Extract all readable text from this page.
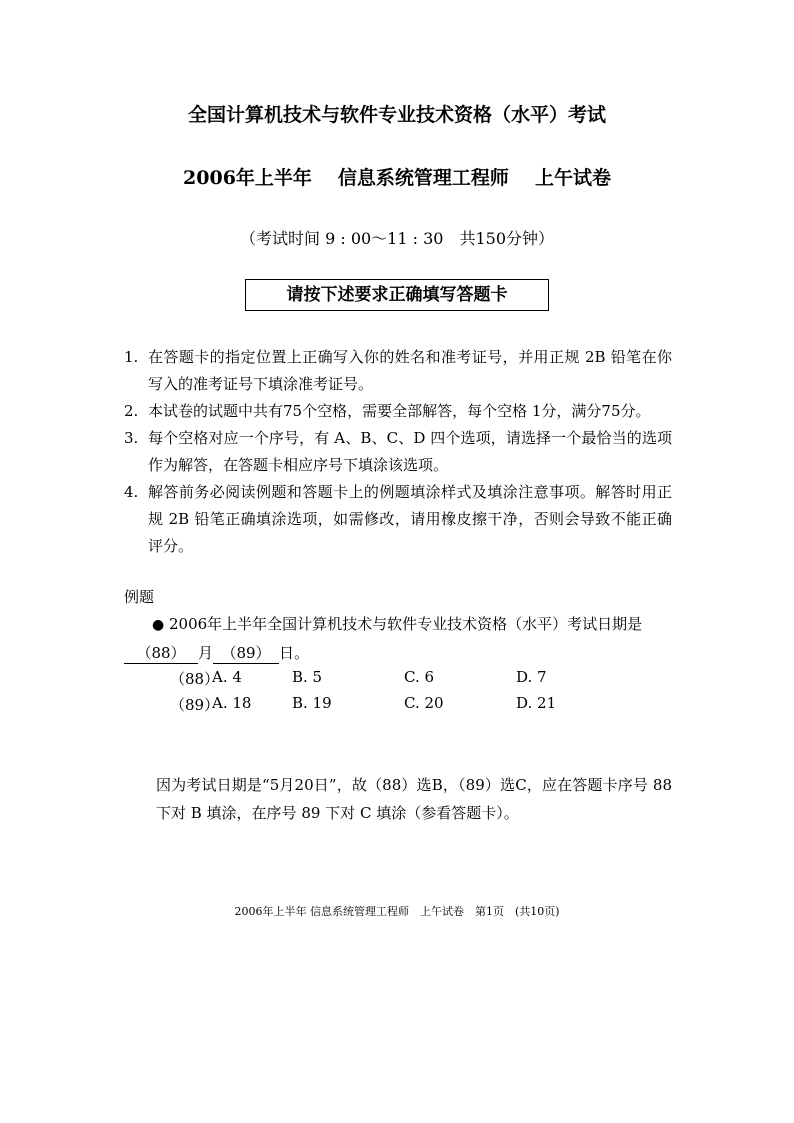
全国计算机技术与软件专业技术资格（水平）考试
2006年上半年 信息系统管理工程师 上午试卷
（考试时间 9 : 00～11 : 30　共150分钟）
请按下述要求正确填写答题卡
1. 在答题卡的指定位置上正确写入你的姓名和准考证号，并用正规 2B 铅笔在你写入的准考证号下填涂准考证号。
2. 本试卷的试题中共有75个空格，需要全部解答，每个空格 1分，满分75分。
3. 每个空格对应一个序号，有 A、B、C、D 四个选项，请选择一个最恰当的选项作为解答，在答题卡相应序号下填涂该选项。
4. 解答前务必阅读例题和答题卡上的例题填涂样式及填涂注意事项。解答时用正规 2B 铅笔正确填涂选项，如需修改，请用橡皮擦干净，否则会导致不能正确评分。
例题
● 2006年上半年全国计算机技术与软件专业技术资格（水平）考试日期是
（88） 月 （89） 日。
（88）
A. 4	B. 5	C. 6	D. 7
（89）
A. 18	B. 19	C. 20	D. 21
因为考试日期是“5月20日”，故（88）选B，（89）选C，应在答题卡序号 88 下对 B 填涂，在序号 89 下对 C 填涂（参看答题卡）。
2006年上半年 信息系统管理工程师　上午试卷　第1页　(共10页)
